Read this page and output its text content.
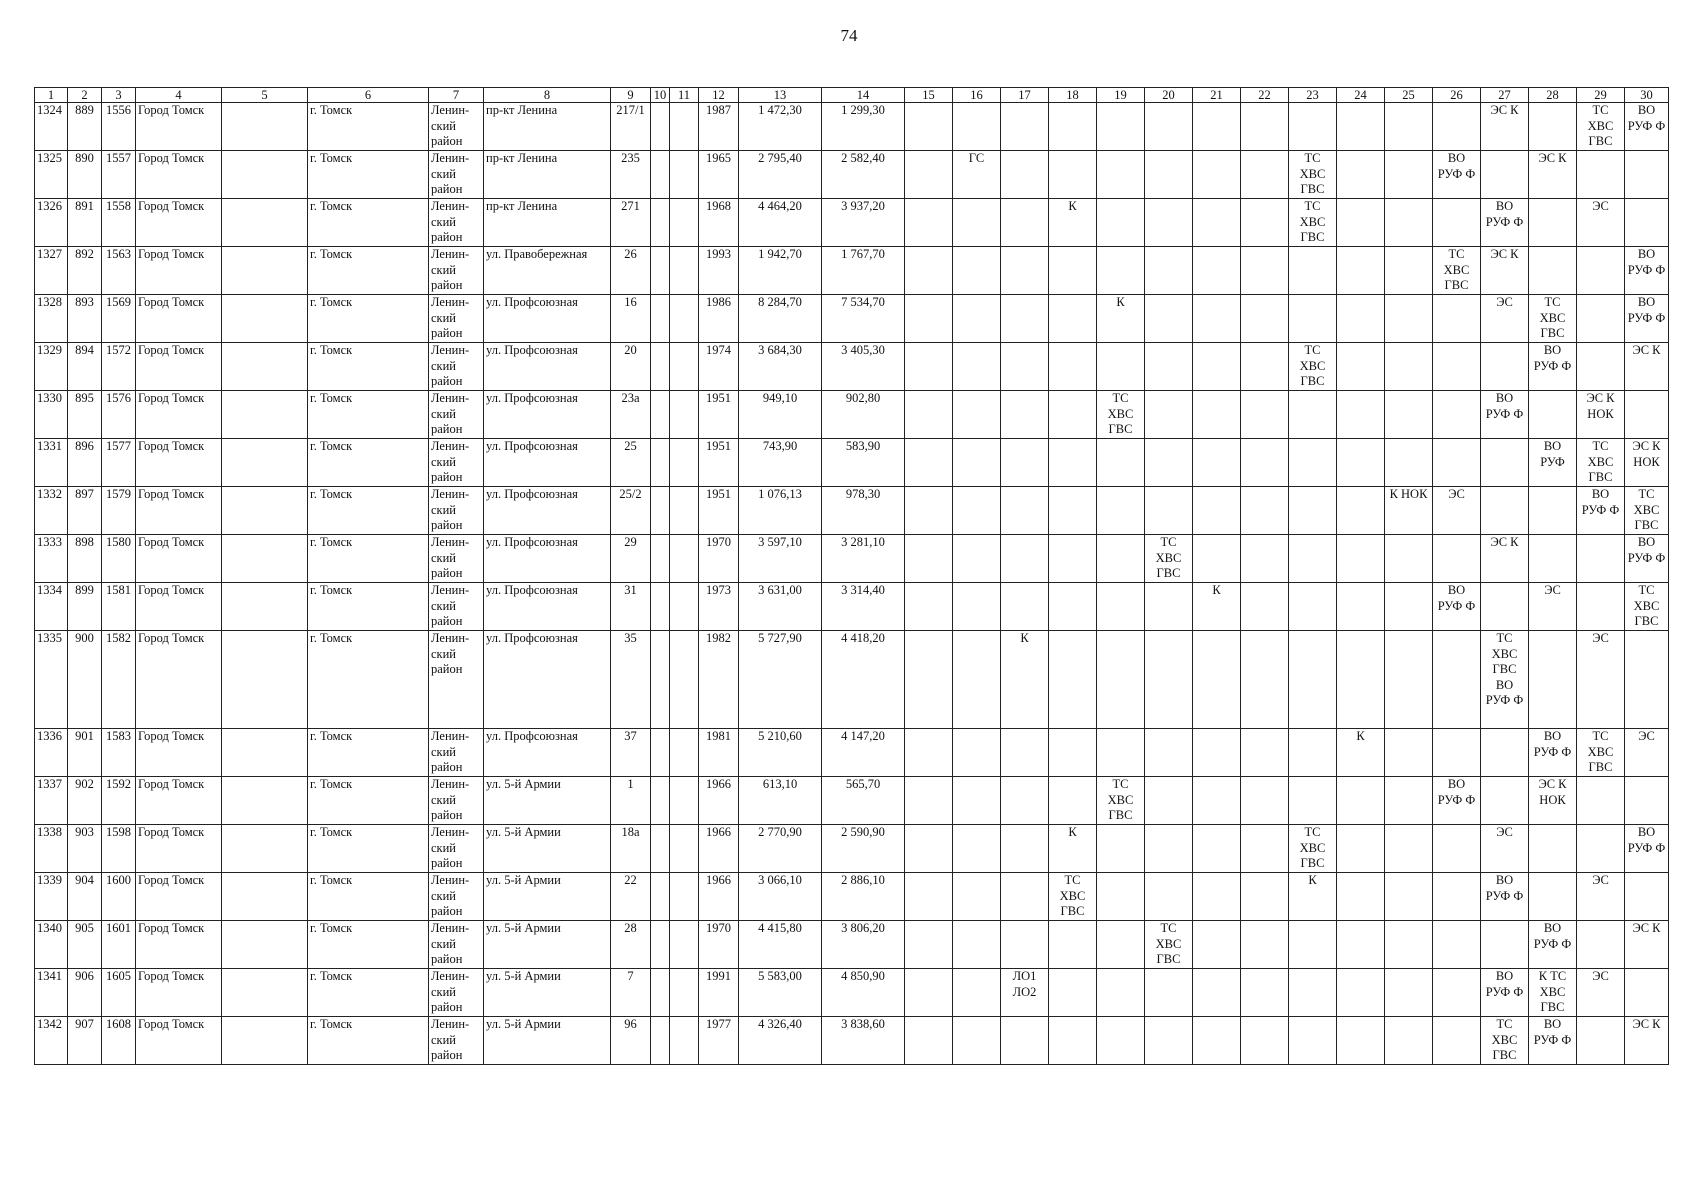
74
1	2	3	4	5	6	7	8	9	10	11	12	13	14	15	16	17	18	19	20	21	22	23	24	25	26	27	28	29	30
1324	889	1556	Город Томск		г. Томск	Ленин-
ский
район	пр-кт Ленина	217/1			1987	1 472,30	1 299,30													ЭС К		ТС
ХВС
ГВС	ВО
РУФ Ф
1325	890	1557	Город Томск		г. Томск	Ленин-
ский
район	пр-кт Ленина	235			1965	2 795,40	2 582,40		ГС							ТС
ХВС
ГВС			ВО
РУФ Ф		ЭС К		
1326	891	1558	Город Томск		г. Томск	Ленин-
ский
район	пр-кт Ленина	271			1968	4 464,20	3 937,20				К					ТС
ХВС
ГВС				ВО
РУФ Ф		ЭС	
1327	892	1563	Город Томск		г. Томск	Ленин-
ский
район	ул. Правобережная	26			1993	1 942,70	1 767,70												ТС
ХВС
ГВС	ЭС К			ВО
РУФ Ф
1328	893	1569	Город Томск		г. Томск	Ленин-
ский
район	ул. Профсоюзная	16			1986	8 284,70	7 534,70					К								ЭС	ТС
ХВС
ГВС		ВО
РУФ Ф
1329	894	1572	Город Томск		г. Томск	Ленин-
ский
район	ул. Профсоюзная	20			1974	3 684,30	3 405,30									ТС
ХВС
ГВС					ВО
РУФ Ф		ЭС К
1330	895	1576	Город Томск		г. Томск	Ленин-
ский
район	ул. Профсоюзная	23а			1951	949,10	902,80					ТС
ХВС
ГВС								ВО
РУФ Ф		ЭС К
НОК	
1331	896	1577	Город Томск		г. Томск	Ленин-
ский
район	ул. Профсоюзная	25			1951	743,90	583,90														ВО
РУФ	ТС
ХВС
ГВС	ЭС К
НОК
1332	897	1579	Город Томск		г. Томск	Ленин-
ский
район	ул. Профсоюзная	25/2			1951	1 076,13	978,30											К НОК	ЭС			ВО
РУФ Ф	ТС
ХВС
ГВС
1333	898	1580	Город Томск		г. Томск	Ленин-
ский
район	ул. Профсоюзная	29			1970	3 597,10	3 281,10						ТС
ХВС
ГВС							ЭС К			ВО
РУФ Ф
1334	899	1581	Город Томск		г. Томск	Ленин-
ский
район	ул. Профсоюзная	31			1973	3 631,00	3 314,40							К					ВО
РУФ Ф		ЭС		ТС
ХВС
ГВС
1335	900	1582	Город Томск		г. Томск	Ленин-
ский
район	ул. Профсоюзная	35			1982	5 727,90	4 418,20			К										ТС
ХВС
ГВС
ВО
РУФ Ф		ЭС	
1336	901	1583	Город Томск		г. Томск	Ленин-
ский
район	ул. Профсоюзная	37			1981	5 210,60	4 147,20										К				ВО
РУФ Ф	ТС
ХВС
ГВС	ЭС
1337	902	1592	Город Томск		г. Томск	Ленин-
ский
район	ул. 5-й Армии	1			1966	613,10	565,70					ТС
ХВС
ГВС							ВО
РУФ Ф		ЭС К
НОК		
1338	903	1598	Город Томск		г. Томск	Ленин-
ский
район	ул. 5-й Армии	18а			1966	2 770,90	2 590,90				К					ТС
ХВС
ГВС				ЭС			ВО
РУФ Ф
1339	904	1600	Город Томск		г. Томск	Ленин-
ский
район	ул. 5-й Армии	22			1966	3 066,10	2 886,10				ТС
ХВС
ГВС					К				ВО
РУФ Ф		ЭС	
1340	905	1601	Город Томск		г. Томск	Ленин-
ский
район	ул. 5-й Армии	28			1970	4 415,80	3 806,20						ТС
ХВС
ГВС								ВО
РУФ Ф		ЭС К
1341	906	1605	Город Томск		г. Томск	Ленин-
ский
район	ул. 5-й Армии	7			1991	5 583,00	4 850,90			ЛО1
ЛО2										ВО
РУФ Ф	К ТС
ХВС
ГВС	ЭС	
1342	907	1608	Город Томск		г. Томск	Ленин-
ский
район	ул. 5-й Армии	96			1977	4 326,40	3 838,60													ТС
ХВС
ГВС	ВО
РУФ Ф		ЭС К
